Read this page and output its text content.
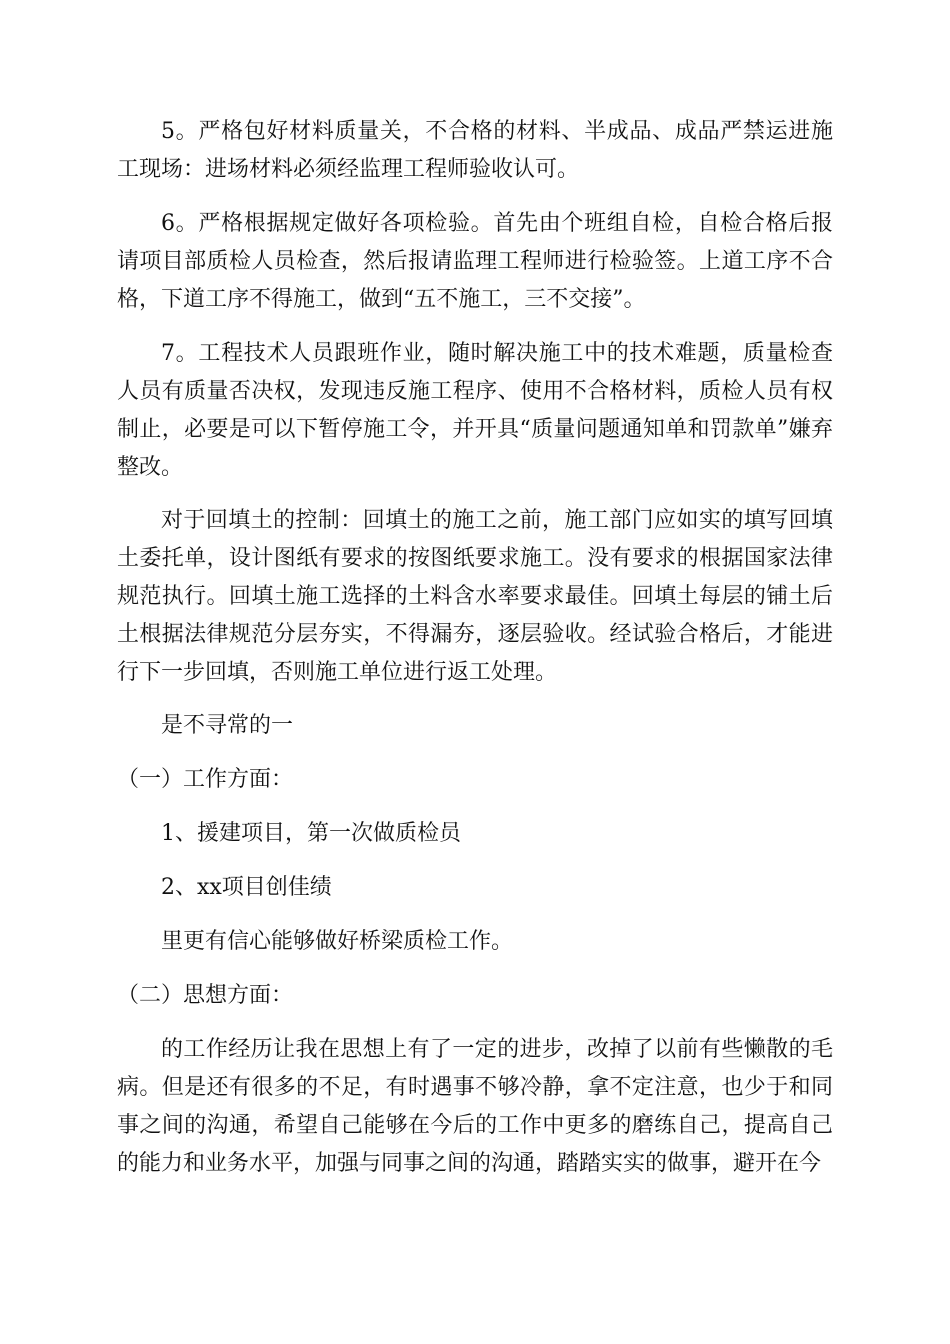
5。严格包好材料质量关，不合格的材料、半成品、成品严禁运进施工现场：进场材料必须经监理工程师验收认可。

6。严格根据规定做好各项检验。首先由个班组自检，自检合格后报请项目部质检人员检查，然后报请监理工程师进行检验签。上道工序不合格，下道工序不得施工，做到“五不施工，三不交接”。

7。工程技术人员跟班作业，随时解决施工中的技术难题，质量检查人员有质量否决权，发现违反施工程序、使用不合格材料，质检人员有权制止，必要是可以下暂停施工令，并开具“质量问题通知单和罚款单”嫌弃整改。

对于回填土的控制：回填土的施工之前，施工部门应如实的填写回填土委托单，设计图纸有要求的按图纸要求施工。没有要求的根据国家法律规范执行。回填土施工选择的土料含水率要求最佳。回填土每层的铺土后土根据法律规范分层夯实，不得漏夯，逐层验收。经试验合格后，才能进行下一步回填，否则施工单位进行返工处理。

是不寻常的一

（一）工作方面：

1、援建项目，第一次做质检员

2、xx项目创佳绩

里更有信心能够做好桥梁质检工作。

（二）思想方面：

的工作经历让我在思想上有了一定的进步，改掉了以前有些懒散的毛病。但是还有很多的不足，有时遇事不够冷静，拿不定注意，也少于和同事之间的沟通，希望自己能够在今后的工作中更多的磨练自己，提高自己的能力和业务水平，加强与同事之间的沟通，踏踏实实的做事，避开在今
